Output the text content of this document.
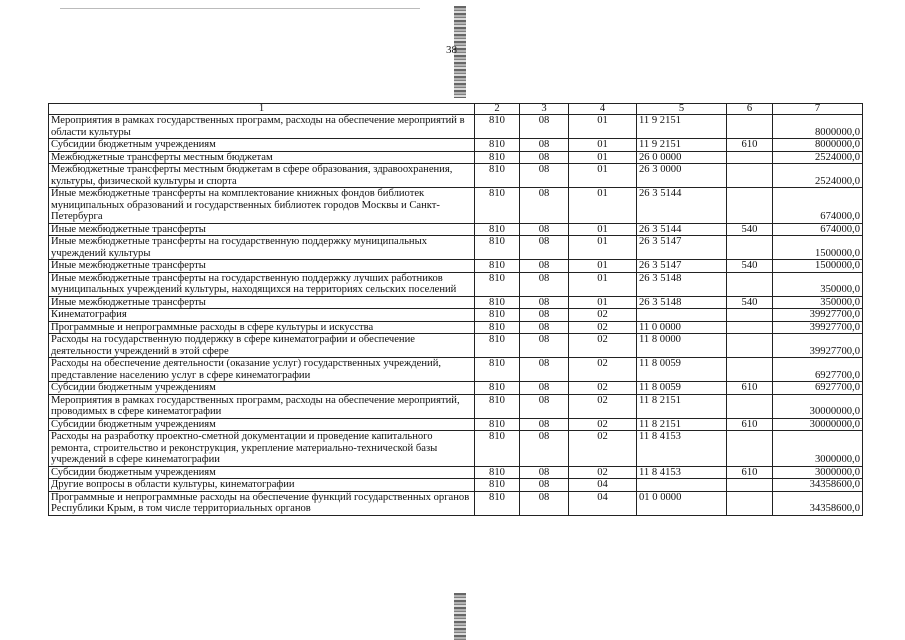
38
1	2	3	4	5	6	7
Мероприятия в рамках государственных программ, расходы на обеспечение мероприятий в области культуры	810	08	01	11 9 2151		8000000,0
Субсидии бюджетным учреждениям	810	08	01	11 9 2151	610	8000000,0
Межбюджетные трансферты местным бюджетам	810	08	01	26 0 0000		2524000,0
Межбюджетные трансферты местным бюджетам в сфере образования, здравоохранения, культуры, физической культуры и спорта	810	08	01	26 3 0000		2524000,0
Иные межбюджетные трансферты на комплектование книжных фондов библиотек муниципальных образований и государственных библиотек городов Москвы и Санкт-Петербурга	810	08	01	26 3 5144		674000,0
Иные межбюджетные трансферты	810	08	01	26 3 5144	540	674000,0
Иные межбюджетные трансферты на государственную поддержку муниципальных учреждений культуры	810	08	01	26 3 5147		1500000,0
Иные межбюджетные трансферты	810	08	01	26 3 5147	540	1500000,0
Иные межбюджетные трансферты на государственную поддержку лучших работников муниципальных учреждений культуры, находящихся на территориях сельских поселений	810	08	01	26 3 5148		350000,0
Иные межбюджетные трансферты	810	08	01	26 3 5148	540	350000,0
Кинематография	810	08	02			39927700,0
Программные и непрограммные расходы в сфере культуры и искусства	810	08	02	11 0 0000		39927700,0
Расходы на государственную поддержку в сфере кинематографии и обеспечение деятельности учреждений в этой сфере	810	08	02	11 8 0000		39927700,0
Расходы на обеспечение деятельности (оказание услуг) государственных учреждений, представление населению услуг в сфере кинематографии	810	08	02	11 8 0059		6927700,0
Субсидии бюджетным учреждениям	810	08	02	11 8 0059	610	6927700,0
Мероприятия в рамках государственных программ, расходы на обеспечение мероприятий, проводимых в сфере кинематографии	810	08	02	11 8 2151		30000000,0
Субсидии бюджетным учреждениям	810	08	02	11 8 2151	610	30000000,0
Расходы на разработку проектно-сметной документации и проведение капитального ремонта, строительство и реконструкция, укрепление материально-технической базы учреждений в сфере кинематографии	810	08	02	11 8 4153		3000000,0
Субсидии бюджетным учреждениям	810	08	02	11 8 4153	610	3000000,0
Другие вопросы в области культуры, кинематографии	810	08	04			34358600,0
Программные и непрограммные расходы на обеспечение функций государственных органов Республики Крым, в том числе территориальных органов	810	08	04	01 0 0000		34358600,0
